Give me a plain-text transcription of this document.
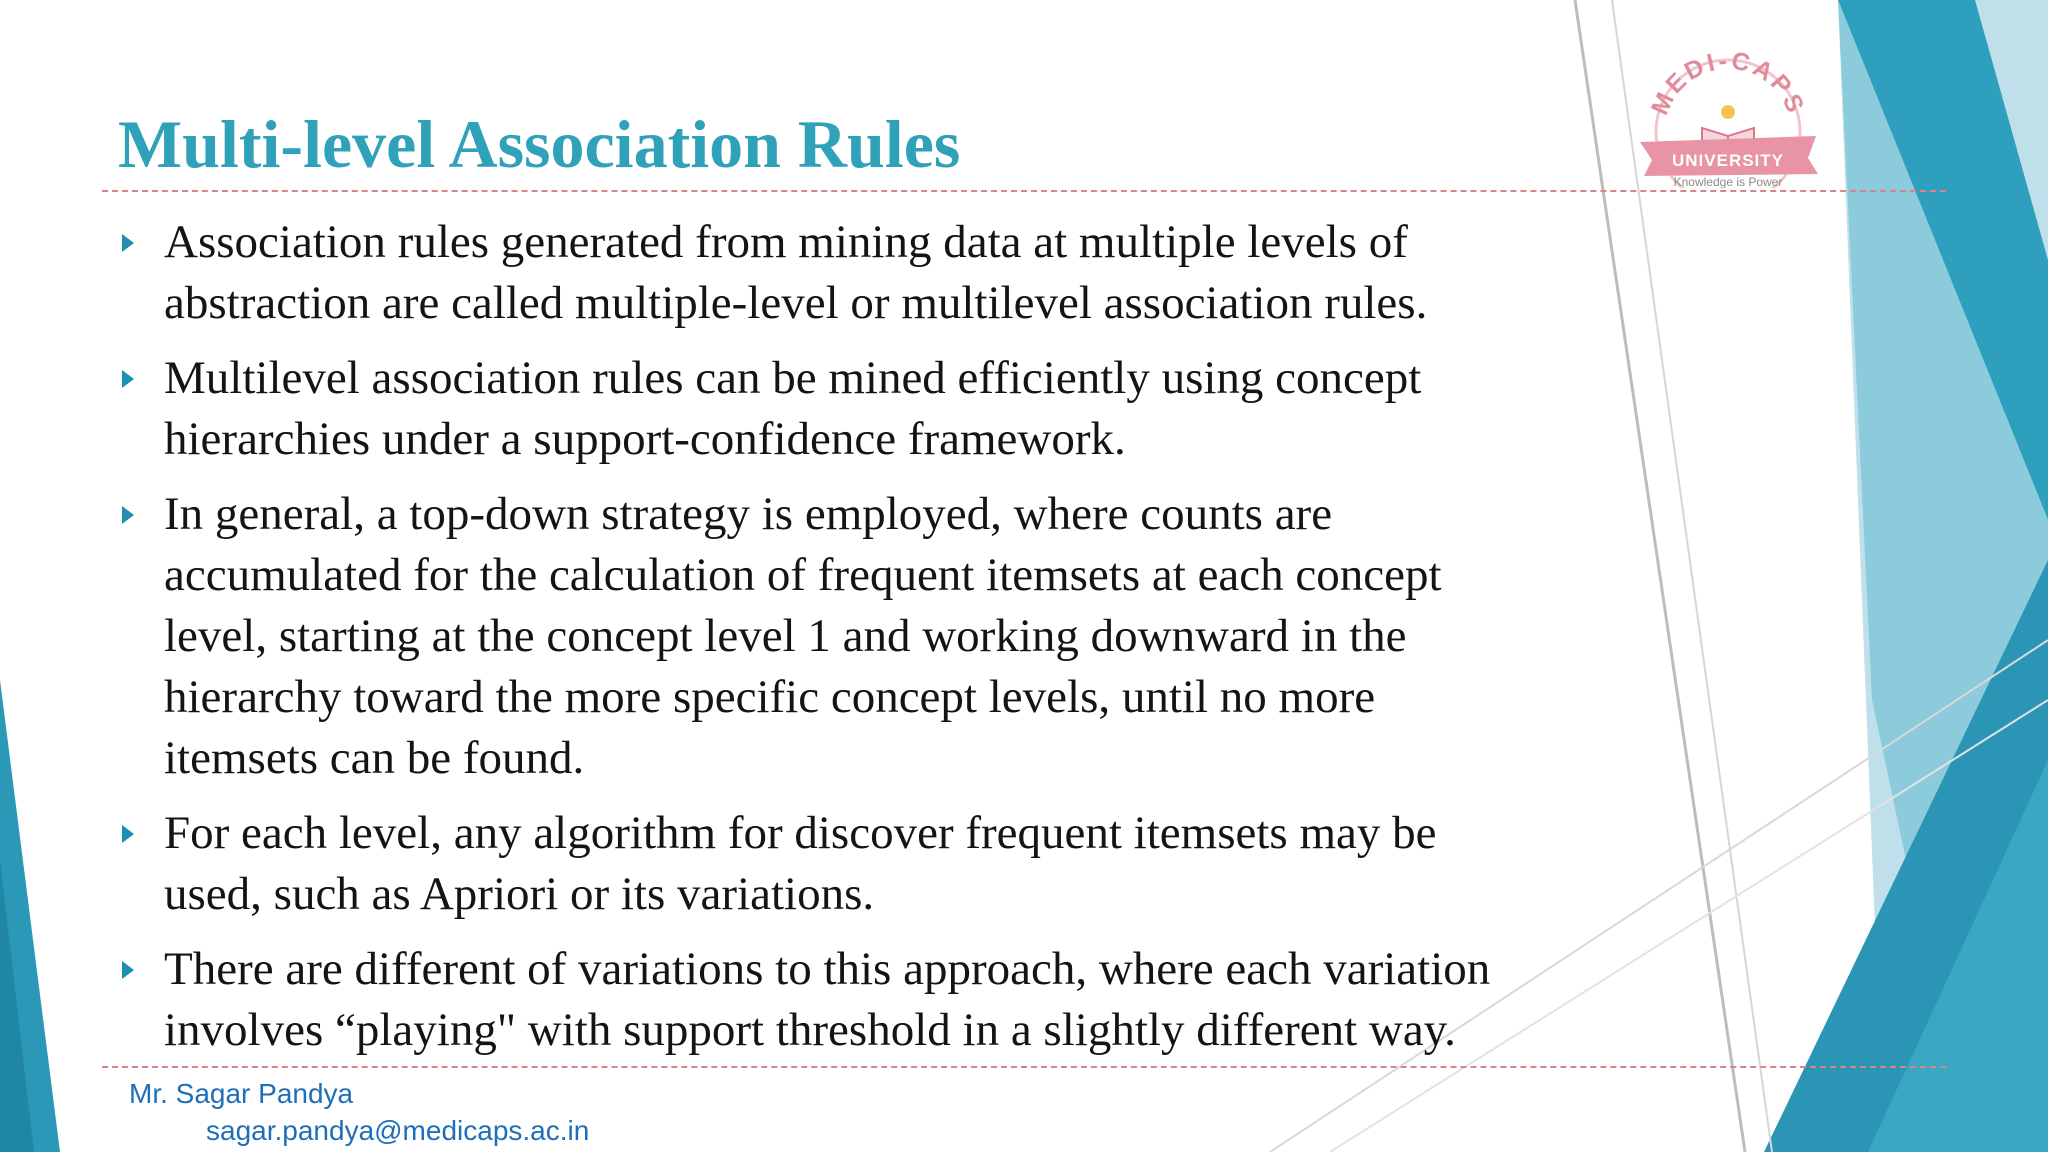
MEDI-CAPS
UNIVERSITY
Knowledge is Power
Multi-level Association Rules
Association rules generated from mining data at multiple levels of
abstraction are called multiple-level or multilevel association rules.
Multilevel association rules can be mined efficiently using concept
hierarchies under a support-confidence framework.
In general, a top-down strategy is employed, where counts are
accumulated for the calculation of frequent itemsets at each concept
level, starting at the concept level 1 and working downward in the
hierarchy toward the more specific concept levels, until no more
itemsets can be found.
For each level, any algorithm for discover frequent itemsets may be
used, such as Apriori or its variations.
There are different of variations to this approach, where each variation
involves “playing" with support threshold in a slightly different way.
Mr. Sagar Pandya
sagar.pandya@medicaps.ac.in
